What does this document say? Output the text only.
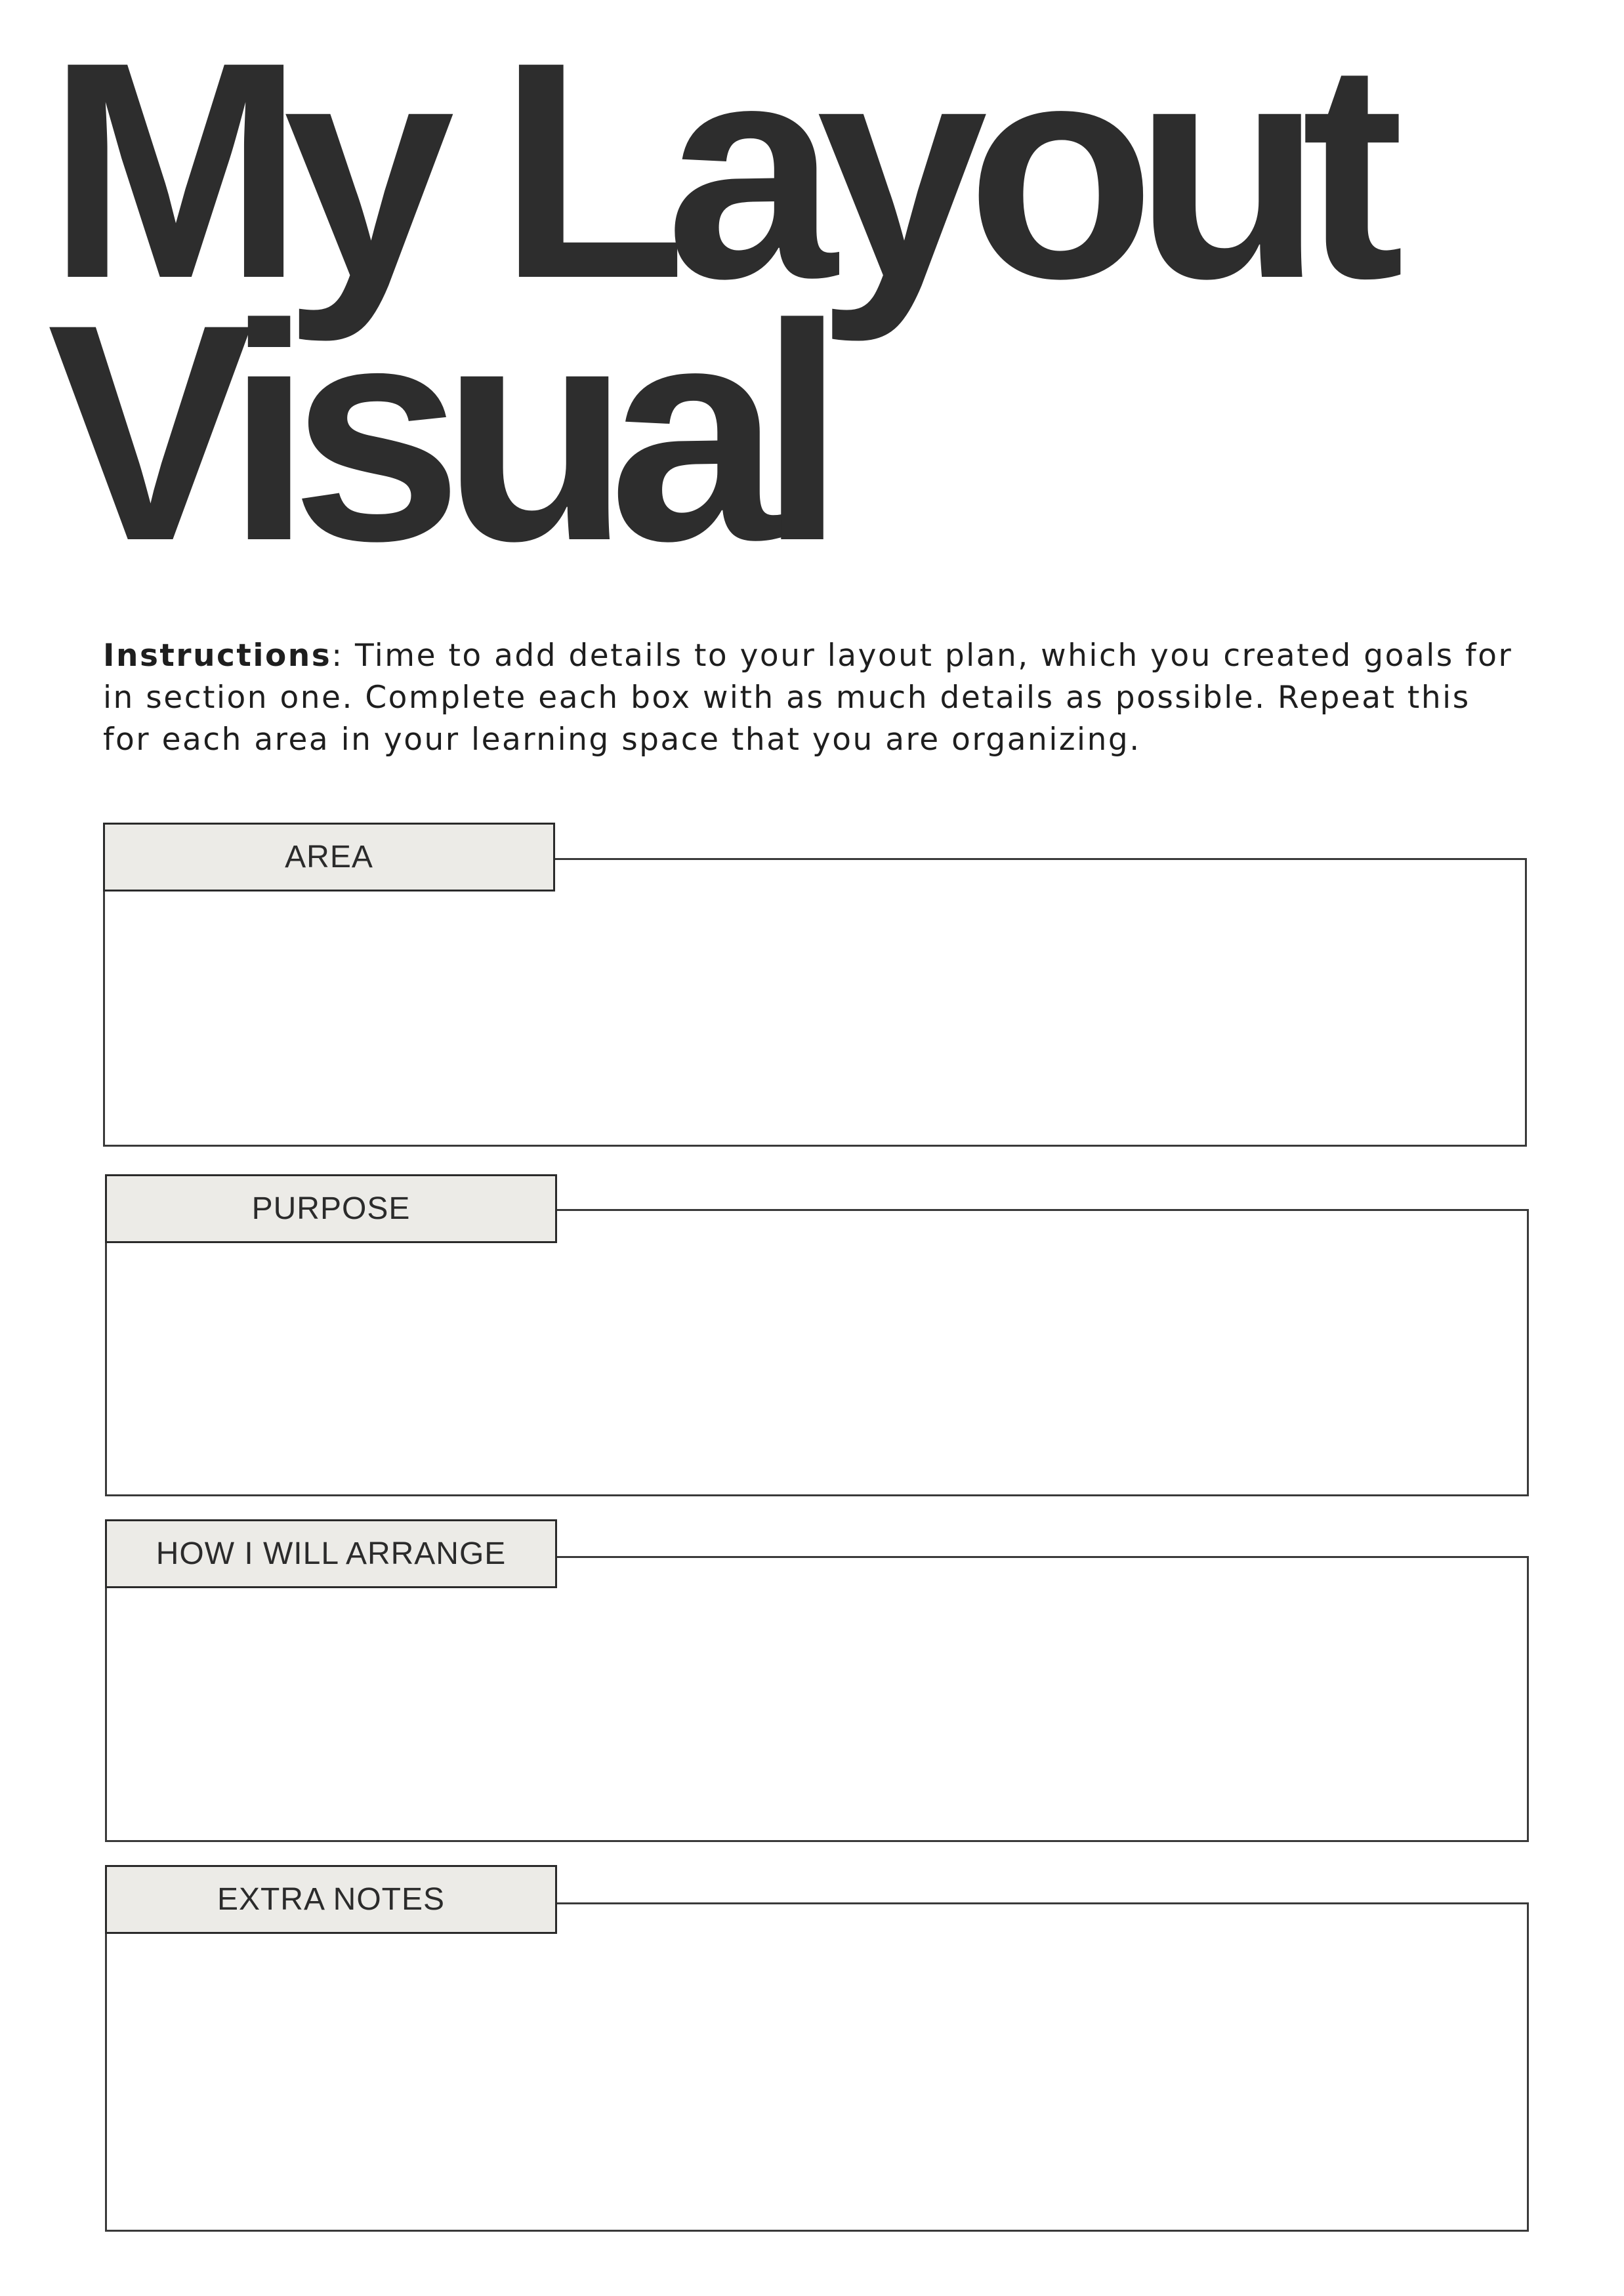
My Layout
Visual

Instructions: Time to add details to your layout plan, which you created goals for in section one. Complete each box with as much details as possible. Repeat this for each area in your learning space that you are organizing.

AREA
PURPOSE
HOW I WILL ARRANGE
EXTRA NOTES
